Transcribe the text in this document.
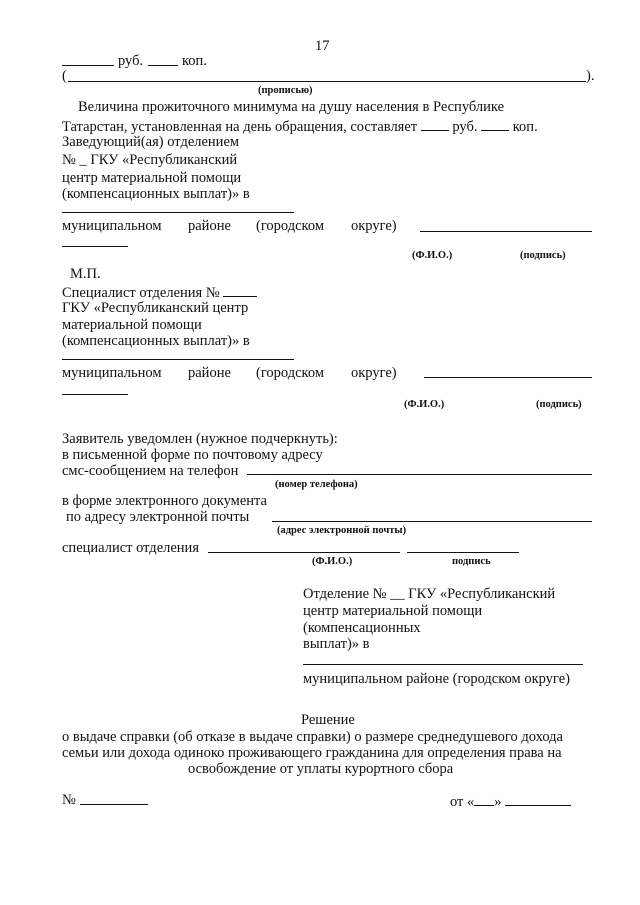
17
руб.	коп.
(	).
(прописью)
Величина прожиточного минимума на душу населения в Республике
Татарстан, установленная на день обращения, составляет руб. коп.
Заведующий(ая) отделением
№ _ ГКУ «Республиканский
центр материальной помощи
(компенсационных выплат)» в
муниципальном районе (городском округе)
(Ф.И.О.)	(подпись)
М.П.
Специалист отделения №
ГКУ «Республиканский центр
материальной помощи
(компенсационных выплат)» в
муниципальном районе (городском округе)
(Ф.И.О.)	(подпись)
Заявитель уведомлен (нужное подчеркнуть):
в письменной форме по почтовому адресу
смс-сообщением на телефон
(номер телефона)
в форме электронного документа
по адресу электронной почты
(адрес электронной почты)
специалист отделения
(Ф.И.О.)	подпись
Отделение № __ ГКУ «Республиканский
центр материальной помощи
(компенсационных
выплат)» в
муниципальном районе (городском округе)
Решение
о выдаче справки (об отказе в выдаче справки) о размере среднедушевого дохода
семьи или дохода одиноко проживающего гражданина для определения права на
освобождение от уплаты курортного сбора
№	от « »
